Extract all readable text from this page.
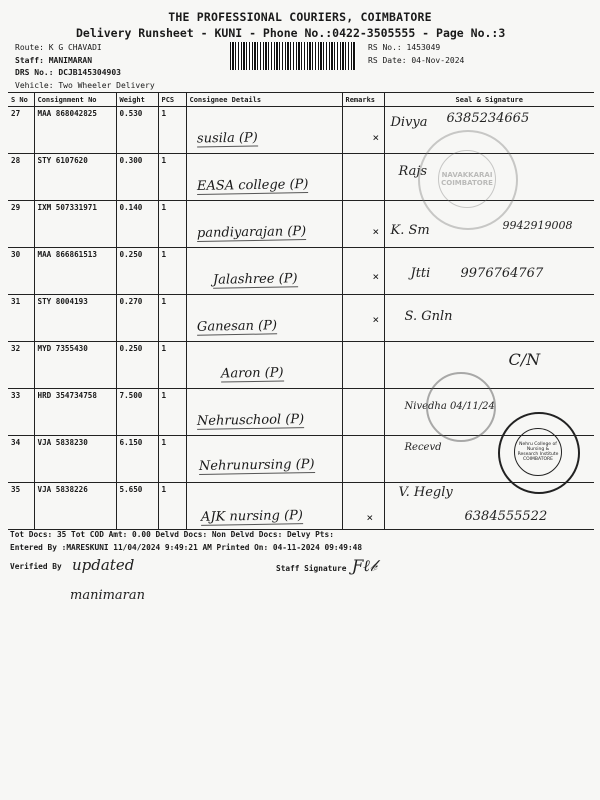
THE PROFESSIONAL COURIERS, COIMBATORE
Delivery Runsheet - KUNI - Phone No.:0422-3505555 - Page No.:3
Route: K G CHAVADI
Staff: MANIMARAN
DRS No.: DCJB145304903
Vehicle: Two Wheeler Delivery
RS No.: 1453049
RS Date: 04-Nov-2024
S No	Consignment No	Weight	PCS	Consignee Details	Remarks	Seal & Signature
27	MAA 868042825	0.530	1	susila (P)	×	Divya 6385234665

28	STY 6107620	0.300	1	EASA college (P)		Rajs

29	IXM 507331971	0.140	1	pandiyarajan (P)	×	K. Sm 9942919008

30	MAA 866861513	0.250	1	Jalashree (P)	×	Jtti 9976764767

31	STY 8004193	0.270	1	Ganesan (P)	×	S. Gnln

32	MYD 7355430	0.250	1	Aaron (P)		C/N

33	HRD 354734758	7.500	1	Nehruschool (P)		Nivedha 04/11/24

34	VJA 5838230	6.150	1	Nehrunursing (P)		Recevd

35	VJA 5838226	5.650	1	AJK nursing (P)	×	V. Hegly
6384555522
NAVAKKARAI COIMBATORE
Nehru College of Nursing & Research Institute COIMBATORE
Tot Docs: 35 Tot COD Amt: 0.00 Delvd Docs: Non Delvd Docs: Delvy Pts:
Entered By :MARESKUNI 11/04/2024 9:49:21 AM Printed On: 04-11-2024 09:49:48
Verified By updated
manimaran
Staff Signature Ƒℓ𝒷
